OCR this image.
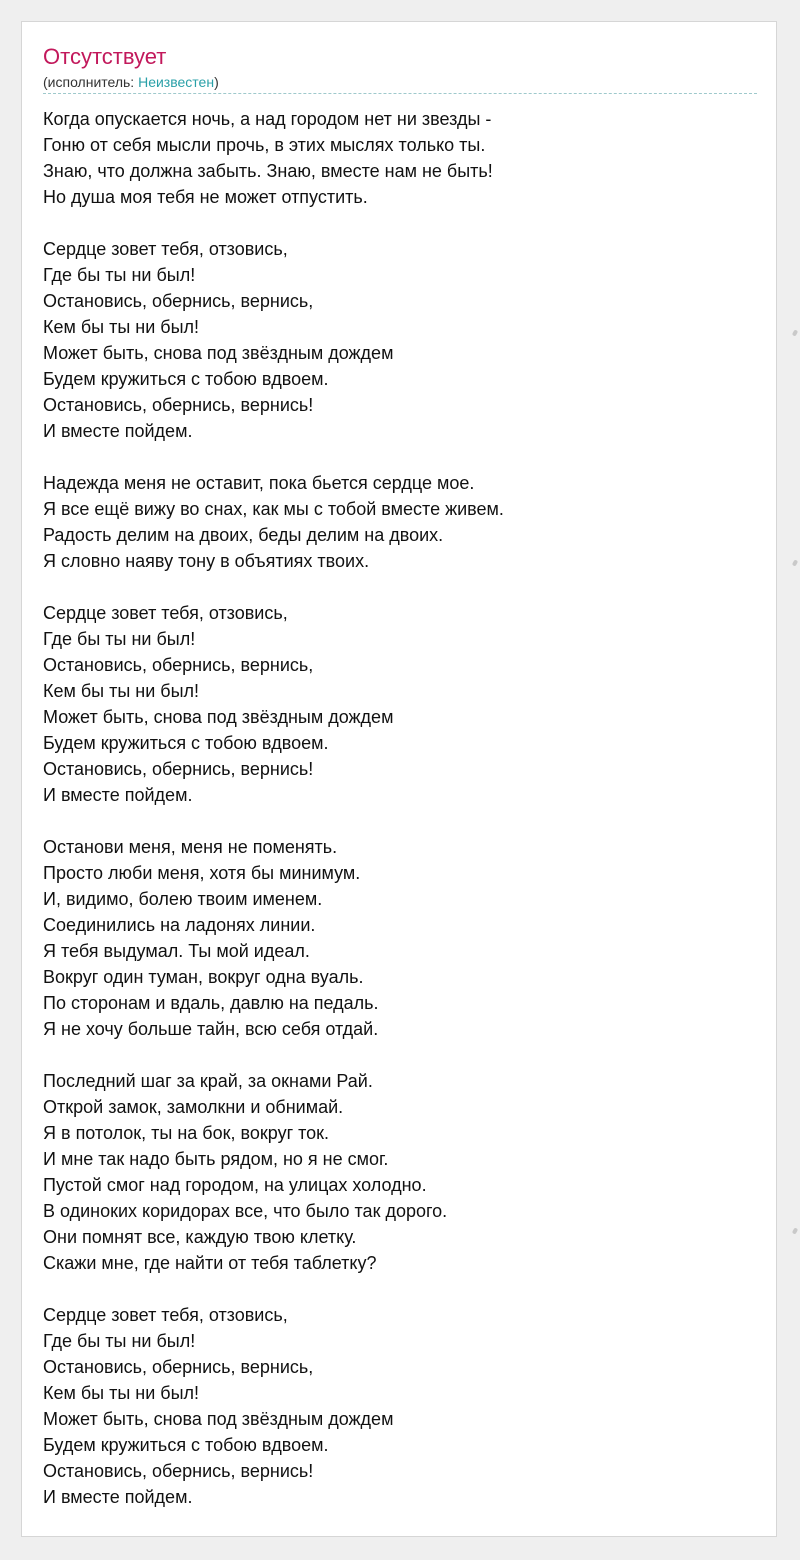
Отсутствует
(исполнитель: Неизвестен)
Когда опускается ночь, а над городом нет ни звезды -
Гоню от себя мысли прочь, в этих мыслях только ты.
Знаю, что должна забыть. Знаю, вместе нам не быть!
Но душа моя тебя не может отпустить.
Сердце зовет тебя, отзовись,
Где бы ты ни был!
Остановись, обернись, вернись,
Кем бы ты ни был!
Может быть, снова под звёздным дождем
Будем кружиться с тобою вдвоем.
Остановись, обернись, вернись!
И вместе пойдем.
Надежда меня не оставит, пока бьется сердце мое.
Я все ещё вижу во снах, как мы с тобой вместе живем.
Радость делим на двоих, беды делим на двоих.
Я словно наяву тону в объятиях твоих.
Сердце зовет тебя, отзовись,
Где бы ты ни был!
Остановись, обернись, вернись,
Кем бы ты ни был!
Может быть, снова под звёздным дождем
Будем кружиться с тобою вдвоем.
Остановись, обернись, вернись!
И вместе пойдем.
Останови меня, меня не поменять.
Просто люби меня, хотя бы минимум.
И, видимо, болею твоим именем.
Соединились на ладонях линии.
Я тебя выдумал. Ты мой идеал.
Вокруг один туман, вокруг одна вуаль.
По сторонам и вдаль, давлю на педаль.
Я не хочу больше тайн, всю себя отдай.
Последний шаг за край, за окнами Рай.
Открой замок, замолкни и обнимай.
Я в потолок, ты на бок, вокруг ток.
И мне так надо быть рядом, но я не смог.
Пустой смог над городом, на улицах холодно.
В одиноких коридорах все, что было так дорого.
Они помнят все, каждую твою клетку.
Скажи мне, где найти от тебя таблетку?
Сердце зовет тебя, отзовись,
Где бы ты ни был!
Остановись, обернись, вернись,
Кем бы ты ни был!
Может быть, снова под звёздным дождем
Будем кружиться с тобою вдвоем.
Остановись, обернись, вернись!
И вместе пойдем.
